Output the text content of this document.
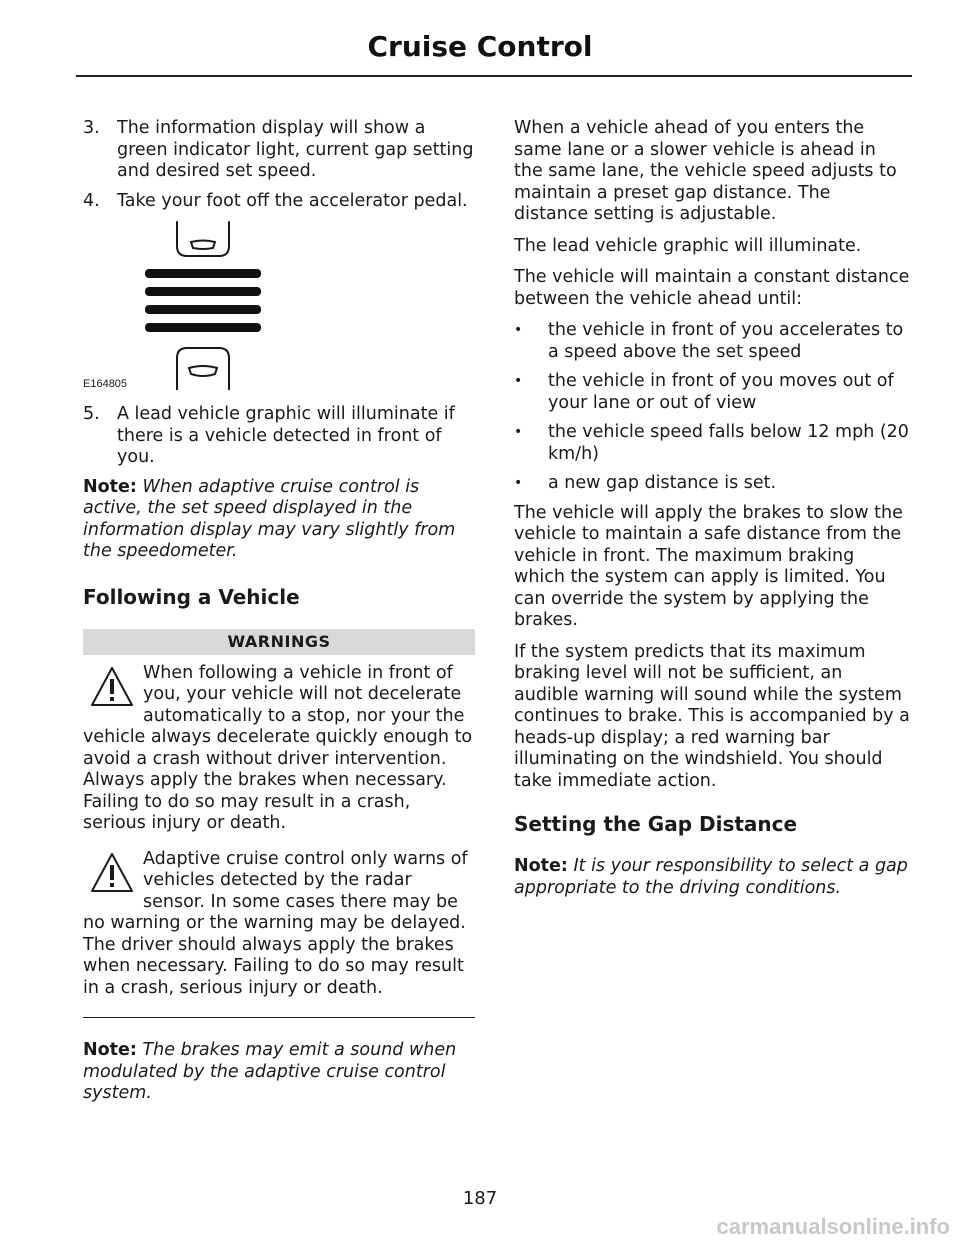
Cruise Control
3. The information display will show a green indicator light, current gap setting and desired set speed.
4. Take your foot off the accelerator pedal.
E164805
5. A lead vehicle graphic will illuminate if there is a vehicle detected in front of you.

Note: When adaptive cruise control is active, the set speed displayed in the information display may vary slightly from the speedometer.

Following a Vehicle
WARNINGS

When following a vehicle in front of you, your vehicle will not decelerate automatically to a stop, nor your the vehicle always decelerate quickly enough to avoid a crash without driver intervention. Always apply the brakes when necessary. Failing to do so may result in a crash, serious injury or death.

Adaptive cruise control only warns of vehicles detected by the radar sensor. In some cases there may be no warning or the warning may be delayed. The driver should always apply the brakes when necessary. Failing to do so may result in a crash, serious injury or death.

Note: The brakes may emit a sound when modulated by the adaptive cruise control system.

When a vehicle ahead of you enters the same lane or a slower vehicle is ahead in the same lane, the vehicle speed adjusts to maintain a preset gap distance. The distance setting is adjustable.

The lead vehicle graphic will illuminate.

The vehicle will maintain a constant distance between the vehicle ahead until:

• the vehicle in front of you accelerates to a speed above the set speed
• the vehicle in front of you moves out of your lane or out of view
• the vehicle speed falls below 12 mph (20 km/h)
• a new gap distance is set.

The vehicle will apply the brakes to slow the vehicle to maintain a safe distance from the vehicle in front. The maximum braking which the system can apply is limited. You can override the system by applying the brakes.

If the system predicts that its maximum braking level will not be sufficient, an audible warning will sound while the system continues to brake. This is accompanied by a heads-up display; a red warning bar illuminating on the windshield. You should take immediate action.

Setting the Gap Distance

Note: It is your responsibility to select a gap appropriate to the driving conditions.

187
carmanualsonline.info
